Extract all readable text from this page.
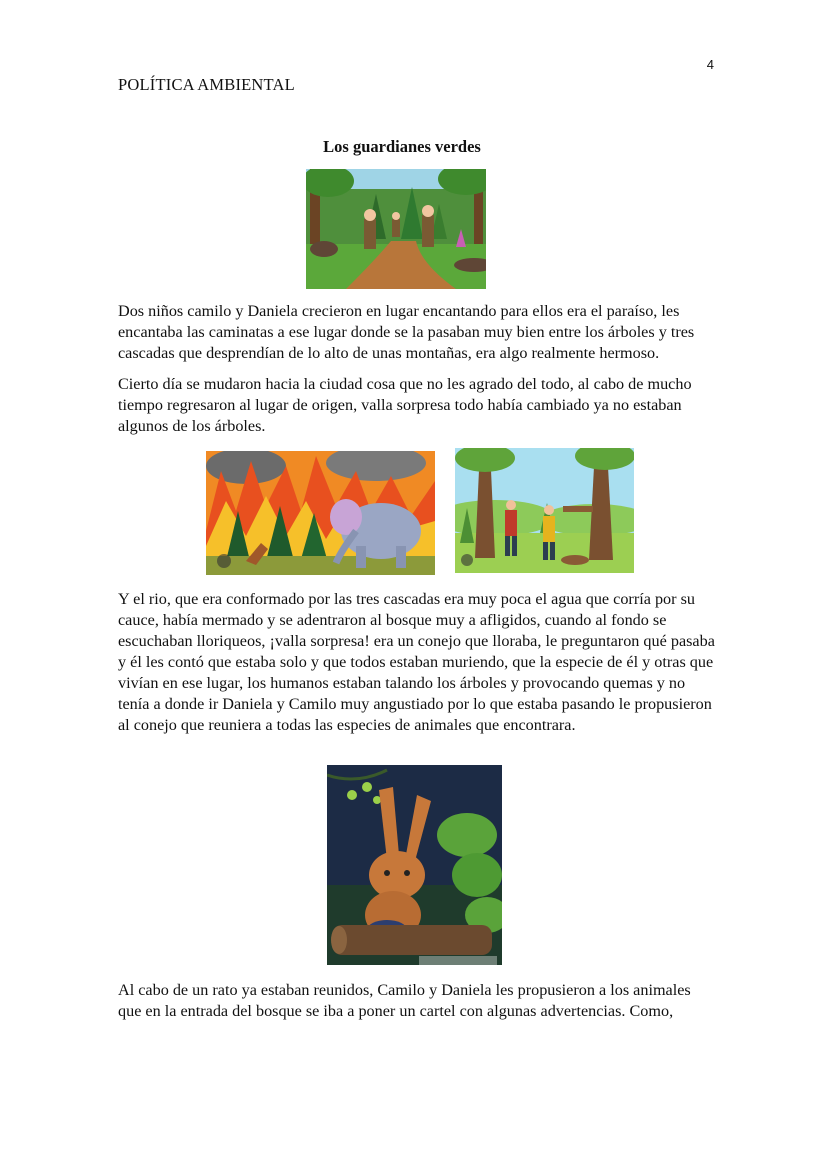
4
POLÍTICA AMBIENTAL
Los guardianes verdes
Dos niños camilo y Daniela crecieron en lugar encantando para ellos era el paraíso, les encantaba las caminatas a ese lugar donde se la pasaban muy bien entre los árboles y tres cascadas que desprendían de lo alto de unas montañas, era algo realmente hermoso.
Cierto día se mudaron hacia la ciudad cosa que no les agrado del todo, al cabo de mucho tiempo regresaron al lugar de origen, valla sorpresa todo había cambiado ya no estaban algunos de los árboles.
Y el rio, que era conformado por las tres cascadas era muy poca el agua que corría por su cauce, había mermado y se adentraron al bosque muy a afligidos, cuando al fondo se escuchaban lloriqueos, ¡valla sorpresa! era un conejo que lloraba, le preguntaron qué pasaba y él les contó que estaba solo y que todos estaban muriendo, que la especie de él y otras que vivían en ese lugar, los humanos estaban talando los árboles y provocando quemas y no tenía a donde ir Daniela y Camilo muy angustiado por lo que estaba pasando le propusieron al conejo que reuniera a todas las especies de animales que encontrara.
Al cabo de un rato ya estaban reunidos, Camilo y Daniela les propusieron a los animales que en la entrada del bosque se iba a poner un cartel con algunas advertencias. Como,
